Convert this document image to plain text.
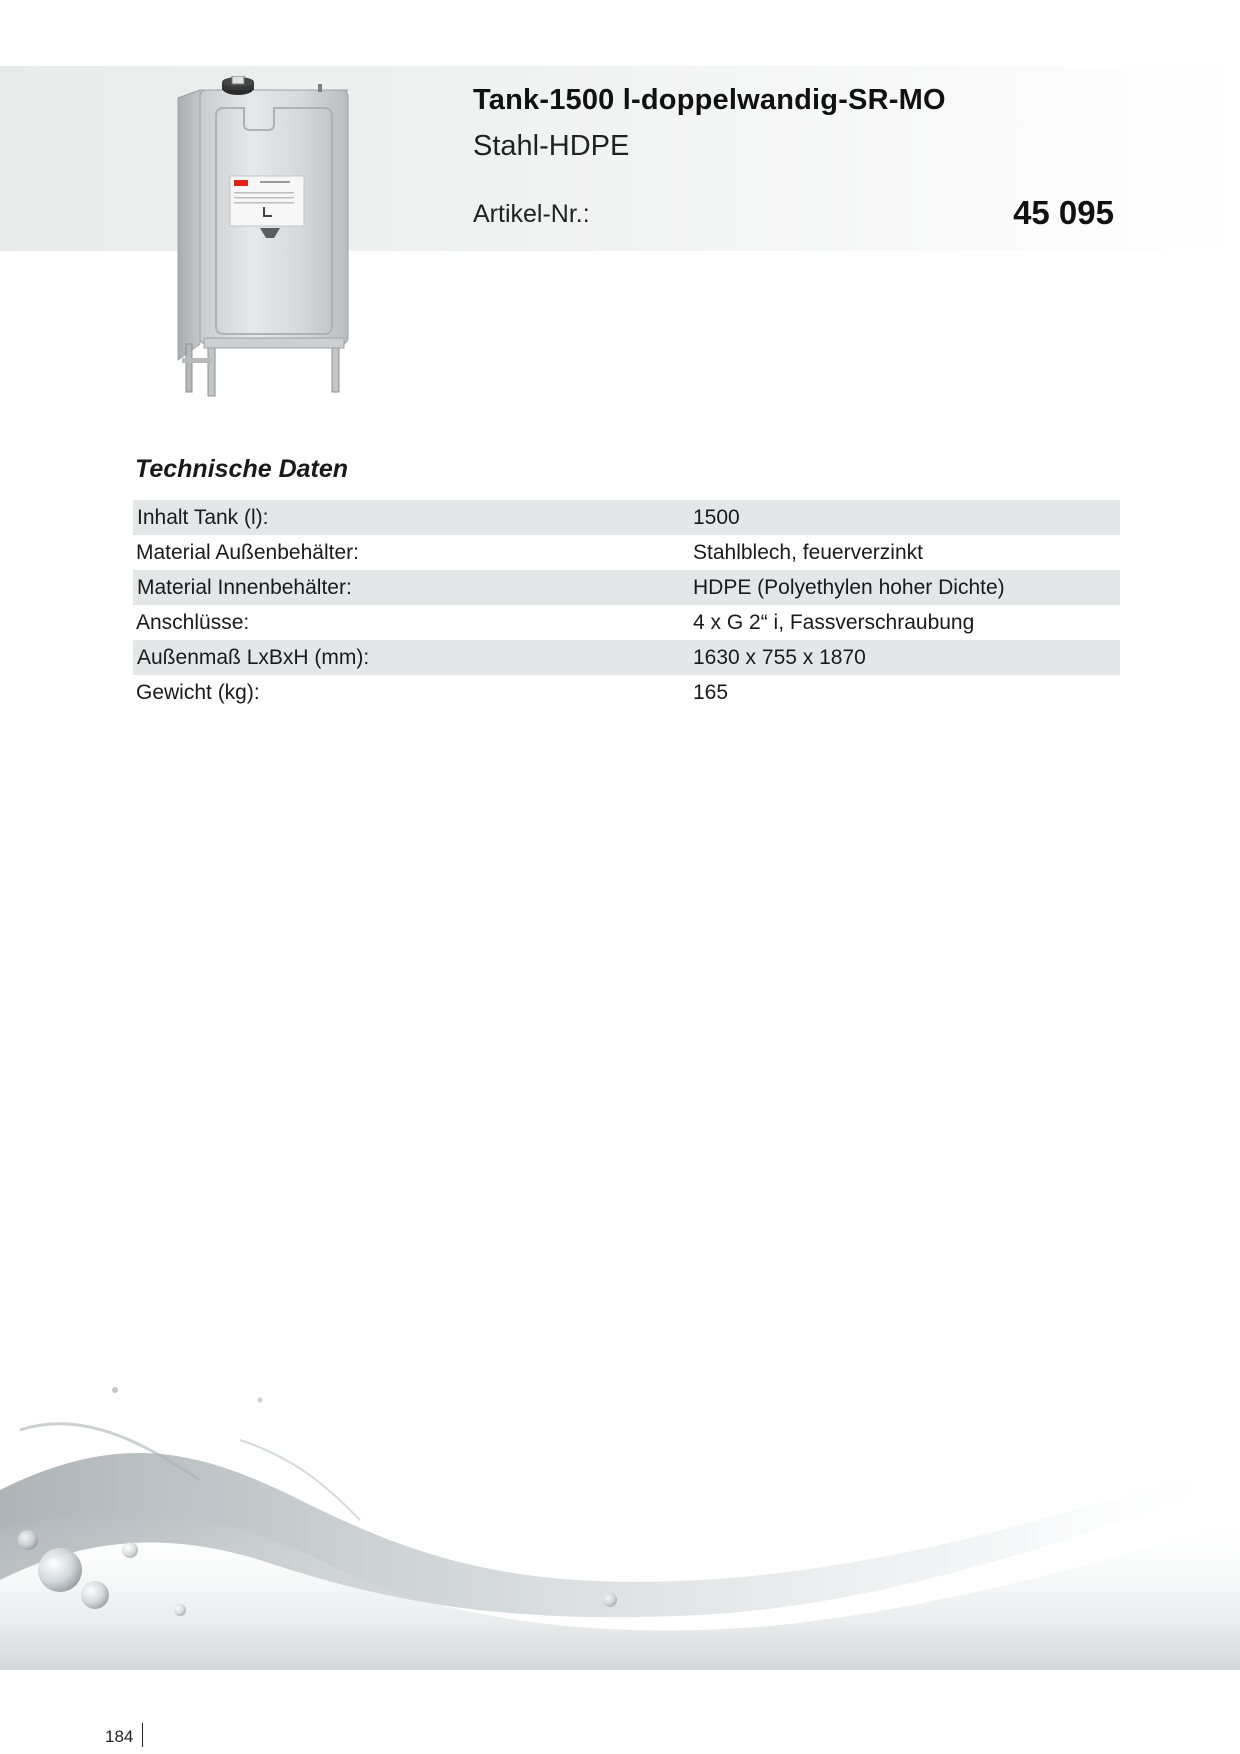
Tank-1500 l-doppelwandig-SR-MO
Stahl-HDPE
Artikel-Nr.:	45 095
Technische Daten
Inhalt Tank (l):	1500
Material Außenbehälter:	Stahlblech, feuerverzinkt
Material Innenbehälter:	HDPE (Polyethylen hoher Dichte)
Anschlüsse:	4 x G 2“ i, Fassverschraubung
Außenmaß LxBxH (mm):	1630 x 755 x 1870
Gewicht (kg):	165
184
